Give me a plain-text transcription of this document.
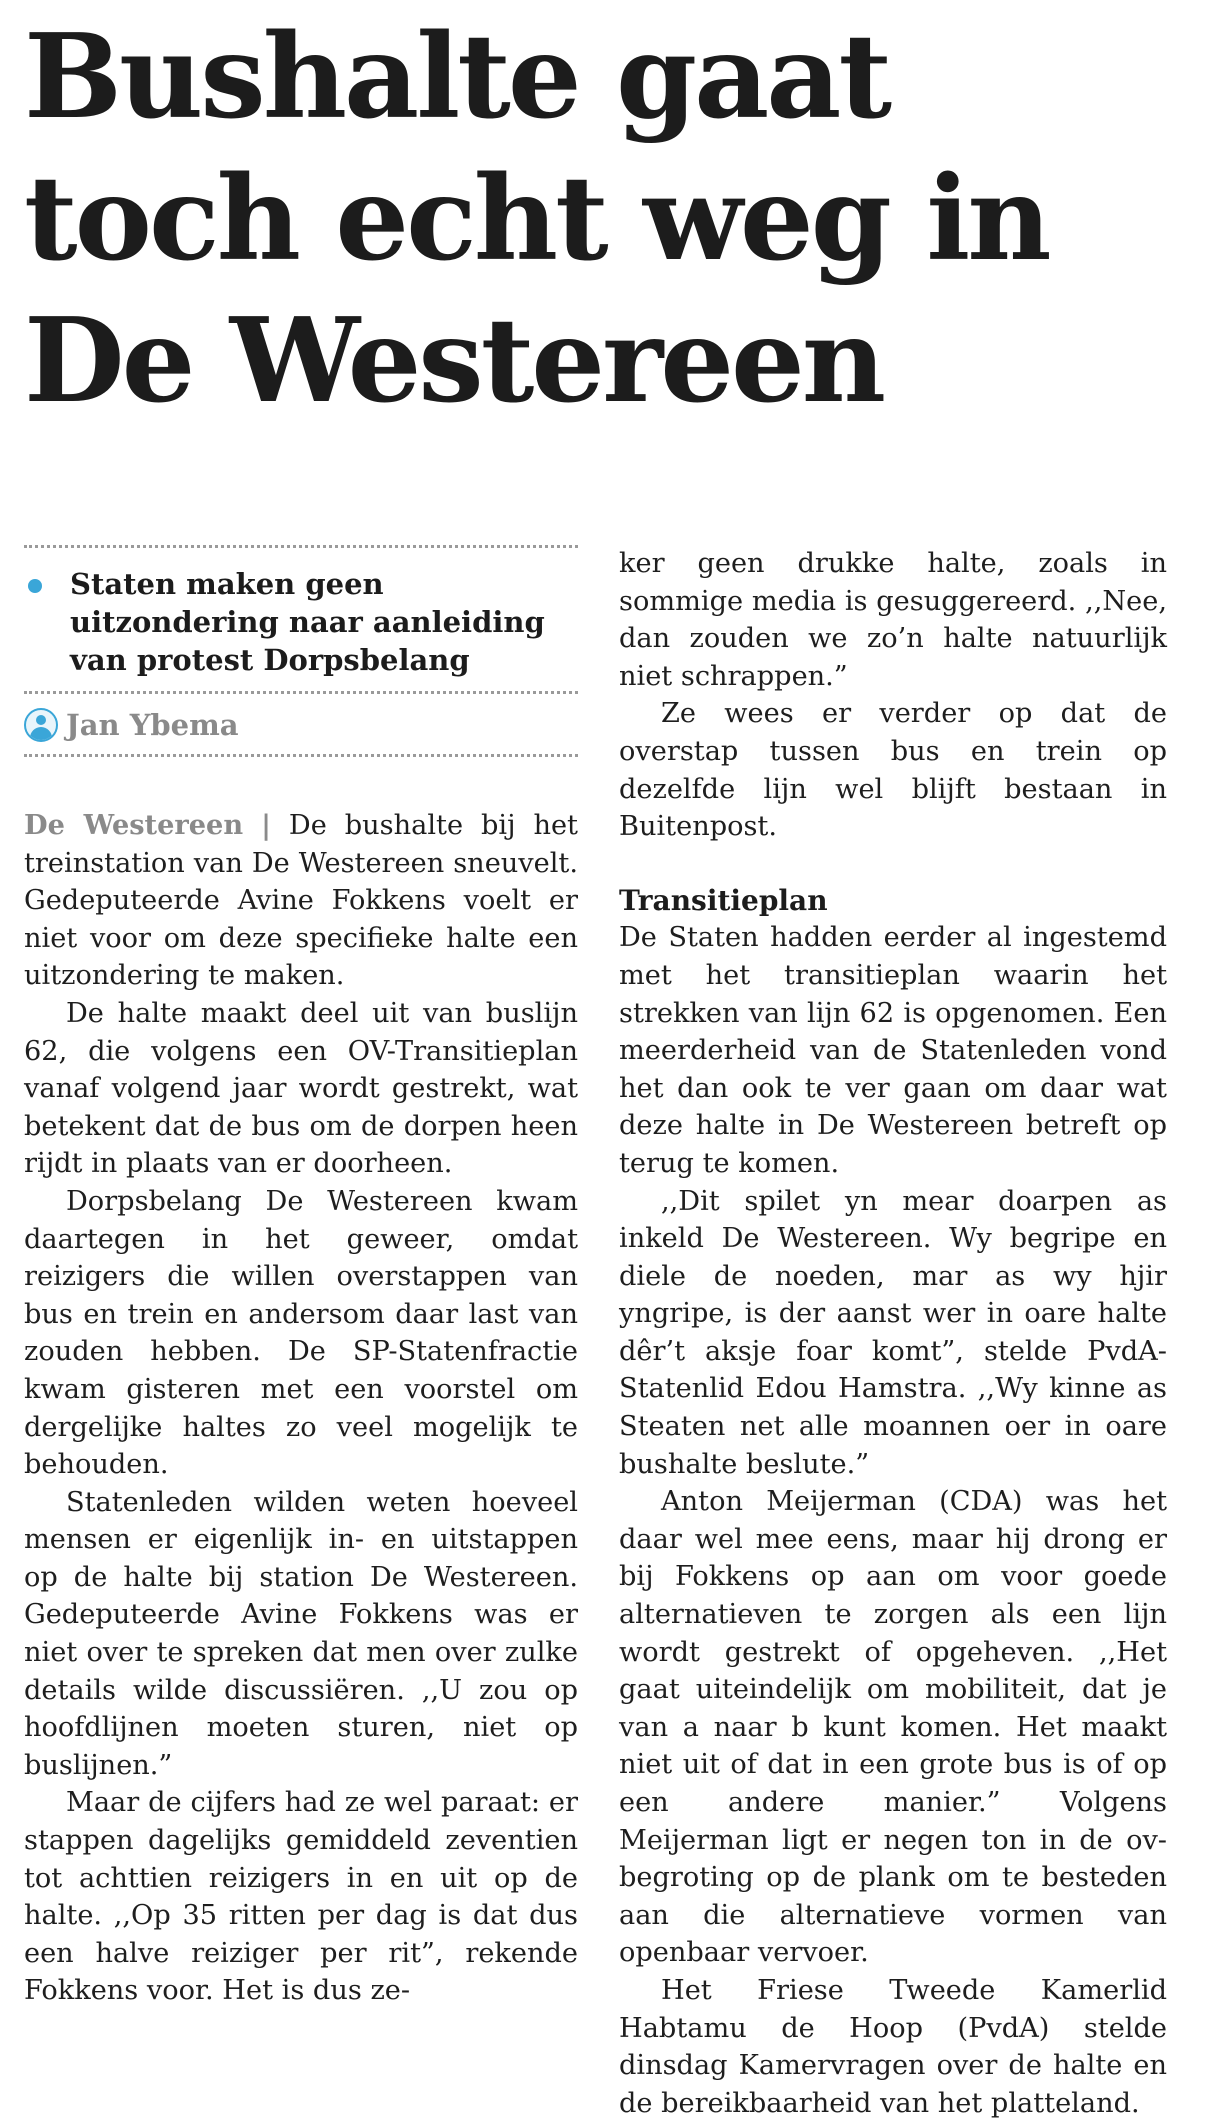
Bushalte gaat toch echt weg in De Westereen
Staten maken geen uitzondering naar aanleiding van protest Dorpsbelang
Jan Ybema

De Westereen | De bushalte bij het treinstation van De Westereen sneuvelt. Gedeputeerde Avine Fokkens voelt er niet voor om deze specifieke halte een uitzondering te maken.

De halte maakt deel uit van buslijn 62, die volgens een OV-Transitieplan vanaf volgend jaar wordt gestrekt, wat betekent dat de bus om de dorpen heen rijdt in plaats van er doorheen.

Dorpsbelang De Westereen kwam daartegen in het geweer, omdat reizigers die willen overstappen van bus en trein en andersom daar last van zouden hebben. De SP-Statenfractie kwam gisteren met een voorstel om dergelijke haltes zo veel mogelijk te behouden.

Statenleden wilden weten hoeveel mensen er eigenlijk in- en uitstappen op de halte bij station De Westereen. Gedeputeerde Avine Fokkens was er niet over te spreken dat men over zulke details wilde discussiëren. ,,U zou op hoofdlijnen moeten sturen, niet op buslijnen.”

Maar de cijfers had ze wel paraat: er stappen dagelijks gemiddeld zeventien tot achttien reizigers in en uit op de halte. ,,Op 35 ritten per dag is dat dus een halve reiziger per rit”, rekende Fokkens voor. Het is dus ze-

ker geen drukke halte, zoals in sommige media is gesuggereerd. ,,Nee, dan zouden we zo’n halte natuurlijk niet schrappen.”

Ze wees er verder op dat de overstap tussen bus en trein op dezelfde lijn wel blijft bestaan in Buitenpost.

Transitieplan

De Staten hadden eerder al ingestemd met het transitieplan waarin het strekken van lijn 62 is opgenomen. Een meerderheid van de Statenleden vond het dan ook te ver gaan om daar wat deze halte in De Westereen betreft op terug te komen.

,,Dit spilet yn mear doarpen as inkeld De Westereen. Wy begripe en diele de noeden, mar as wy hjir yngripe, is der aanst wer in oare halte dêr’t aksje foar komt”, stelde PvdA-Statenlid Edou Hamstra. ,,Wy kinne as Steaten net alle moannen oer in oare bushalte beslute.”

Anton Meijerman (CDA) was het daar wel mee eens, maar hij drong er bij Fokkens op aan om voor goede alternatieven te zorgen als een lijn wordt gestrekt of opgeheven. ,,Het gaat uiteindelijk om mobiliteit, dat je van a naar b kunt komen. Het maakt niet uit of dat in een grote bus is of op een andere manier.” Volgens Meijerman ligt er negen ton in de ov-begroting op de plank om te besteden aan die alternatieve vormen van openbaar vervoer.

Het Friese Tweede Kamerlid Habtamu de Hoop (PvdA) stelde dinsdag Kamervragen over de halte en de bereikbaarheid van het platteland.
